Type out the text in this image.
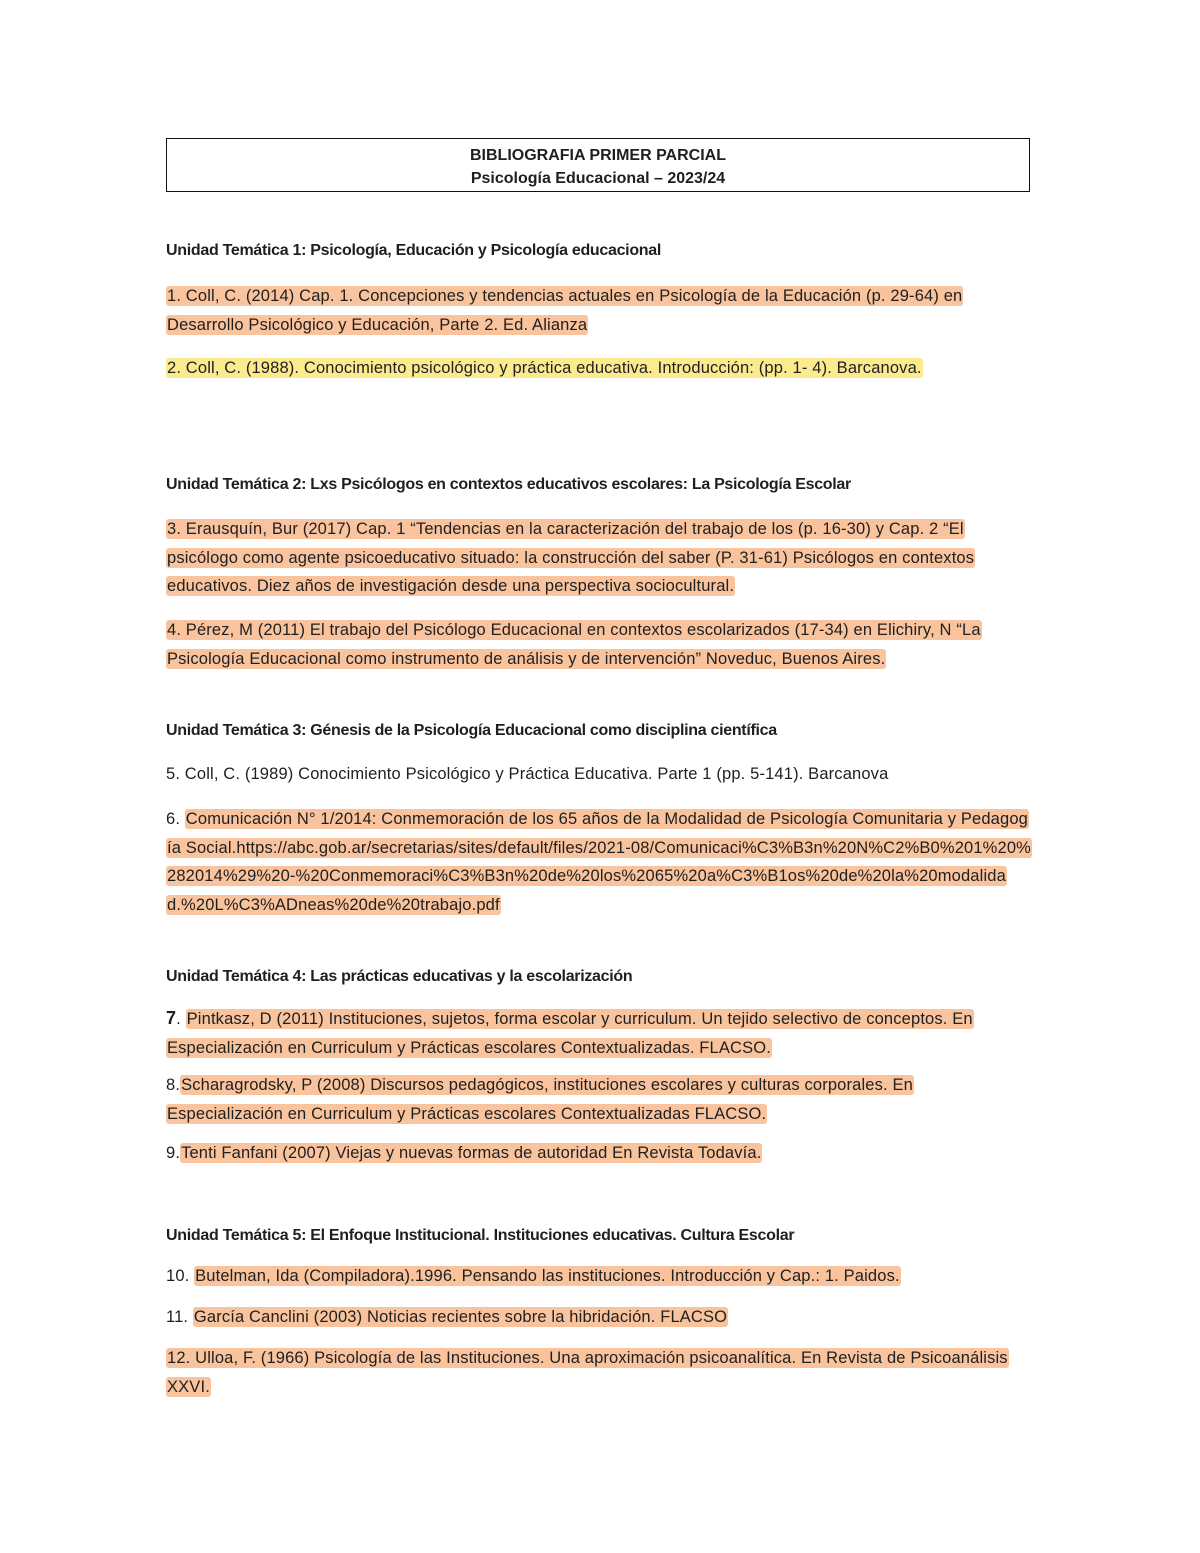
BIBLIOGRAFIA PRIMER PARCIAL
Psicología Educacional – 2023/24
Unidad Temática 1: Psicología, Educación y Psicología educacional
1. Coll, C. (2014) Cap. 1. Concepciones y tendencias actuales en Psicología de la Educación (p. 29-64) en Desarrollo Psicológico y Educación, Parte 2. Ed. Alianza
2. Coll, C. (1988). Conocimiento psicológico y práctica educativa. Introducción: (pp. 1- 4). Barcanova.
Unidad Temática 2: Lxs Psicólogos en contextos educativos escolares: La Psicología Escolar
3. Erausquín, Bur (2017) Cap. 1 “Tendencias en la caracterización del trabajo de los (p. 16-30) y Cap. 2 “El psicólogo como agente psicoeducativo situado: la construcción del saber (P. 31-61) Psicólogos en contextos educativos. Diez años de investigación desde una perspectiva sociocultural.
4. Pérez, M (2011) El trabajo del Psicólogo Educacional en contextos escolarizados (17-34) en Elichiry, N “La Psicología Educacional como instrumento de análisis y de intervención” Noveduc, Buenos Aires.
Unidad Temática 3: Génesis de la Psicología Educacional como disciplina científica
5. Coll, C. (1989) Conocimiento Psicológico y Práctica Educativa. Parte 1 (pp. 5-141). Barcanova
6. Comunicación N° 1/2014: Conmemoración de los 65 años de la Modalidad de Psicología Comunitaria y Pedagogía Social.https://abc.gob.ar/secretarias/sites/default/files/2021-08/Comunicaci%C3%B3n%20N%C2%B0%201%20%282014%29%20-%20Conmemoraci%C3%B3n%20de%20los%2065%20a%C3%B1os%20de%20la%20modalidad.%20L%C3%ADneas%20de%20trabajo.pdf
Unidad Temática 4: Las prácticas educativas y la escolarización
7. Pintkasz, D (2011) Instituciones, sujetos, forma escolar y curriculum. Un tejido selectivo de conceptos. En Especialización en Curriculum y Prácticas escolares Contextualizadas. FLACSO.
8.Scharagrodsky, P (2008) Discursos pedagógicos, instituciones escolares y culturas corporales. En Especialización en Curriculum y Prácticas escolares Contextualizadas FLACSO.
9.Tenti Fanfani (2007) Viejas y nuevas formas de autoridad En Revista Todavía.
Unidad Temática 5: El Enfoque Institucional. Instituciones educativas. Cultura Escolar
10. Butelman, Ida (Compiladora).1996. Pensando las instituciones. Introducción y Cap.: 1. Paidos.
11. García Canclini (2003) Noticias recientes sobre la hibridación. FLACSO
12. Ulloa, F. (1966) Psicología de las Instituciones. Una aproximación psicoanalítica. En Revista de Psicoanálisis XXVI.
